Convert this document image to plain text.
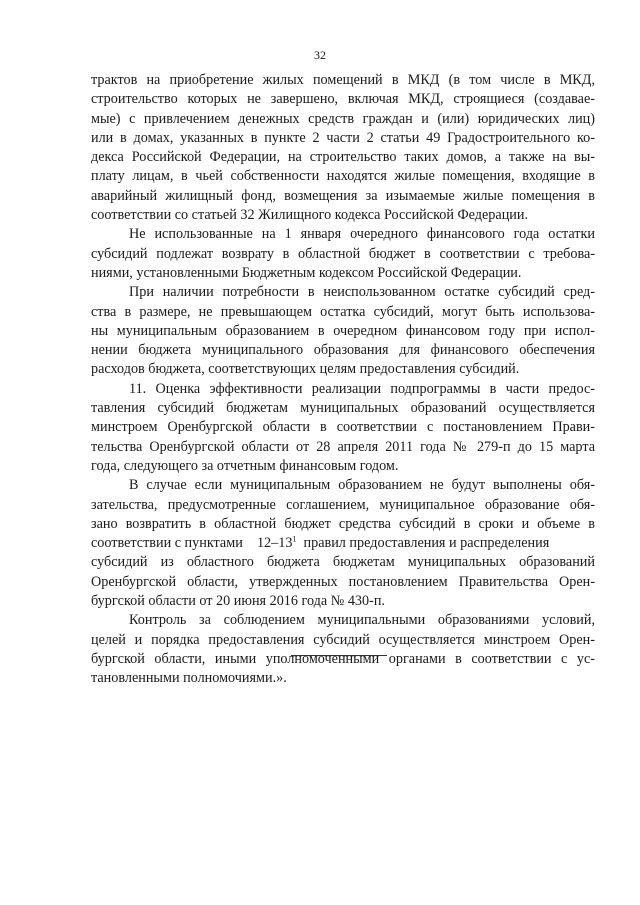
32
трактов на приобретение жилых помещений в МКД (в том числе в МКД,
строительство которых не завершено, включая МКД, строящиеся (создавае-
мые) с привлечением денежных средств граждан и (или) юридических лиц)
или в домах, указанных в пункте 2 части 2 статьи 49 Градостроительного ко-
декса Российской Федерации, на строительство таких домов, а также на вы-
плату лицам, в чьей собственности находятся жилые помещения, входящие в
аварийный жилищный фонд, возмещения за изымаемые жилые помещения в
соответствии со статьей 32 Жилищного кодекса Российской Федерации.
Не использованные на 1 января очередного финансового года остатки
субсидий подлежат возврату в областной бюджет в соответствии с требова-
ниями, установленными Бюджетным кодексом Российской Федерации.
При наличии потребности в неиспользованном остатке субсидий сред-
ства в размере, не превышающем остатка субсидий, могут быть использова-
ны муниципальным образованием в очередном финансовом году при испол-
нении бюджета муниципального образования для финансового обеспечения
расходов бюджета, соответствующих целям предоставления субсидий.
11. Оценка эффективности реализации подпрограммы в части предос-
тавления субсидий бюджетам муниципальных образований осуществляется
минстроем Оренбургской области в соответствии с постановлением Прави-
тельства Оренбургской области от 28 апреля 2011 года № 279-п до 15 марта
года, следующего за отчетным финансовым годом.
В случае если муниципальным образованием не будут выполнены обя-
зательства, предусмотренные соглашением, муниципальное образование обя-
зано возвратить в областной бюджет средства субсидий в сроки и объеме в
соответствии с пунктами    $12-13^1$  правил предоставления и распределения
субсидий из областного бюджета бюджетам муниципальных образований
Оренбургской области, утвержденных постановлением Правительства Орен-
бургской области от 20 июня 2016 года № 430-п.
Контроль за соблюдением муниципальными образованиями условий,
целей и порядка предоставления субсидий осуществляется минстроем Орен-
бургской области, иными уполномоченными органами в соответствии с ус-
тановленными полномочиями.».
